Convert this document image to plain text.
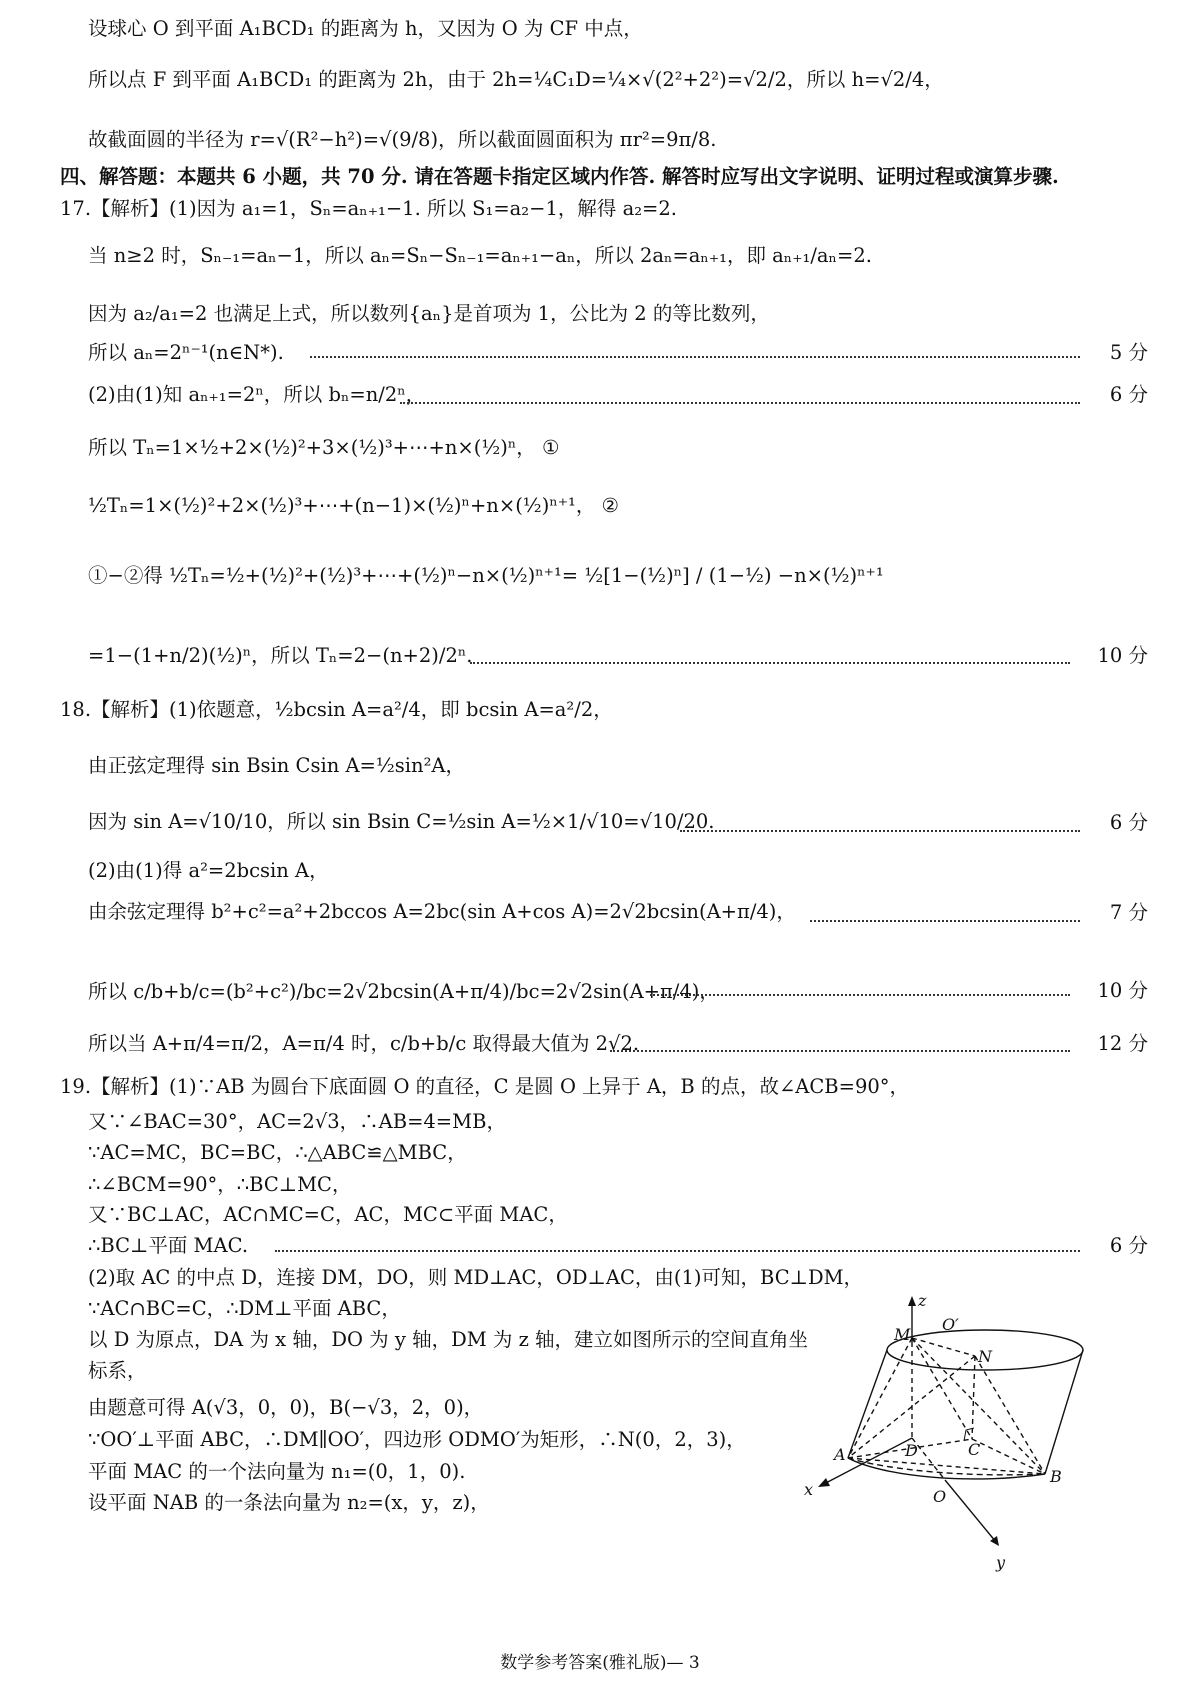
设球心 O 到平面 A₁BCD₁ 的距离为 h，又因为 O 为 CF 中点，
所以点 F 到平面 A₁BCD₁ 的距离为 2h，由于 2h=¼C₁D=¼×√(2²+2²)=√2/2，所以 h=√2/4，
故截面圆的半径为 r=√(R²−h²)=√(9/8)，所以截面圆面积为 πr²=9π/8.
四、解答题：本题共 6 小题，共 70 分. 请在答题卡指定区域内作答. 解答时应写出文字说明、证明过程或演算步骤.
17.【解析】(1)因为 a₁=1，Sₙ=aₙ₊₁−1. 所以 S₁=a₂−1，解得 a₂=2.
当 n≥2 时，Sₙ₋₁=aₙ−1，所以 aₙ=Sₙ−Sₙ₋₁=aₙ₊₁−aₙ，所以 2aₙ=aₙ₊₁，即 aₙ₊₁/aₙ=2.
因为 a₂/a₁=2 也满足上式，所以数列{aₙ}是首项为 1，公比为 2 的等比数列，
所以 aₙ=2ⁿ⁻¹(n∈N*).	5 分
(2)由(1)知 aₙ₊₁=2ⁿ，所以 bₙ=n/2ⁿ，	6 分
所以 Tₙ=1×½+2×(½)²+3×(½)³+⋯+n×(½)ⁿ， ①
½Tₙ=1×(½)²+2×(½)³+⋯+(n−1)×(½)ⁿ+n×(½)ⁿ⁺¹， ②
①−②得 ½Tₙ=½+(½)²+(½)³+⋯+(½)ⁿ−n×(½)ⁿ⁺¹= ½[1−(½)ⁿ] / (1−½) −n×(½)ⁿ⁺¹
=1−(1+n/2)(½)ⁿ，所以 Tₙ=2−(n+2)/2ⁿ.	10 分
18.【解析】(1)依题意，½bcsin A=a²/4，即 bcsin A=a²/2，
由正弦定理得 sin Bsin Csin A=½sin²A，
因为 sin A=√10/10，所以 sin Bsin C=½sin A=½×1/√10=√10/20.	6 分
(2)由(1)得 a²=2bcsin A，
由余弦定理得 b²+c²=a²+2bccos A=2bc(sin A+cos A)=2√2bcsin(A+π/4)，	7 分
所以 c/b+b/c=(b²+c²)/bc=2√2bcsin(A+π/4)/bc=2√2sin(A+π/4)，	10 分
所以当 A+π/4=π/2，A=π/4 时，c/b+b/c 取得最大值为 2√2.	12 分
19.【解析】(1)∵AB 为圆台下底面圆 O 的直径，C 是圆 O 上异于 A，B 的点，故∠ACB=90°，
又∵∠BAC=30°，AC=2√3，∴AB=4=MB，
∵AC=MC，BC=BC，∴△ABC≌△MBC，
∴∠BCM=90°，∴BC⊥MC，
又∵BC⊥AC，AC∩MC=C，AC，MC⊂平面 MAC，
∴BC⊥平面 MAC.	6 分
(2)取 AC 的中点 D，连接 DM，DO，则 MD⊥AC，OD⊥AC，由(1)可知，BC⊥DM，
∵AC∩BC=C，∴DM⊥平面 ABC，
以 D 为原点，DA 为 x 轴，DO 为 y 轴，DM 为 z 轴，建立如图所示的空间直角坐
标系，
由题意可得 A(√3，0，0)，B(−√3，2，0)，
∵OO′⊥平面 ABC，∴DM∥OO′，四边形 ODMO′为矩形，∴N(0，2，3)，
平面 MAC 的一个法向量为 n₁=(0，1，0).
设平面 NAB 的一条法向量为 n₂=(x，y，z)，
z
M
O′
N
C
A	D
O
B
x
y
数学参考答案(雅礼版)— 3
